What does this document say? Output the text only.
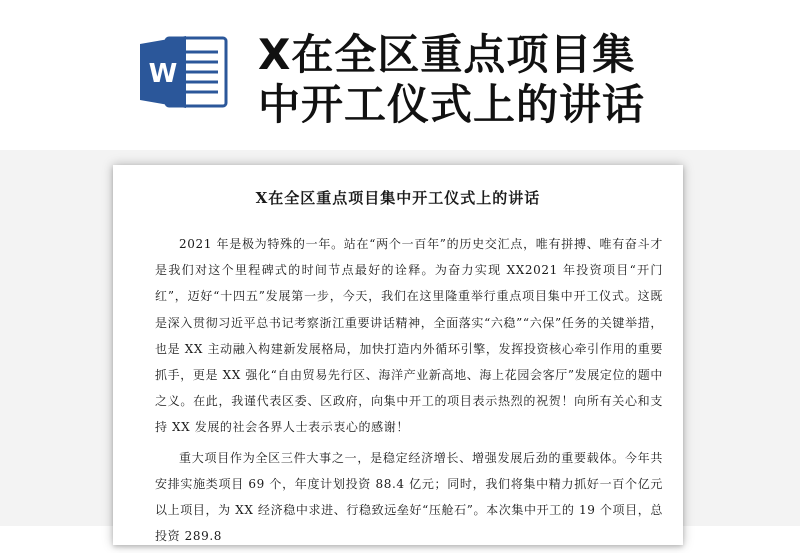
W X在全区重点项目集中开工仪式上的讲话
X在全区重点项目集中开工仪式上的讲话

2021 年是极为特殊的一年。站在“两个一百年”的历史交汇点，唯有拼搏、唯有奋斗才是我们对这个里程碑式的时间节点最好的诠释。为奋力实现 XX2021 年投资项目“开门红”，迈好“十四五”发展第一步，今天，我们在这里隆重举行重点项目集中开工仪式。这既是深入贯彻习近平总书记考察浙江重要讲话精神，全面落实“六稳”“六保”任务的关键举措，也是 XX 主动融入构建新发展格局，加快打造内外循环引擎，发挥投资核心牵引作用的重要抓手，更是 XX 强化“自由贸易先行区、海洋产业新高地、海上花园会客厅”发展定位的题中之义。在此，我谨代表区委、区政府，向集中开工的项目表示热烈的祝贺！向所有关心和支持 XX 发展的社会各界人士表示衷心的感谢！

重大项目作为全区三件大事之一，是稳定经济增长、增强发展后劲的重要载体。今年共安排实施类项目 69 个，年度计划投资 88.4 亿元；同时，我们将集中精力抓好一百个亿元以上项目，为 XX 经济稳中求进、行稳致远垒好“压舱石”。本次集中开工的 19 个项目，总投资 289.8
